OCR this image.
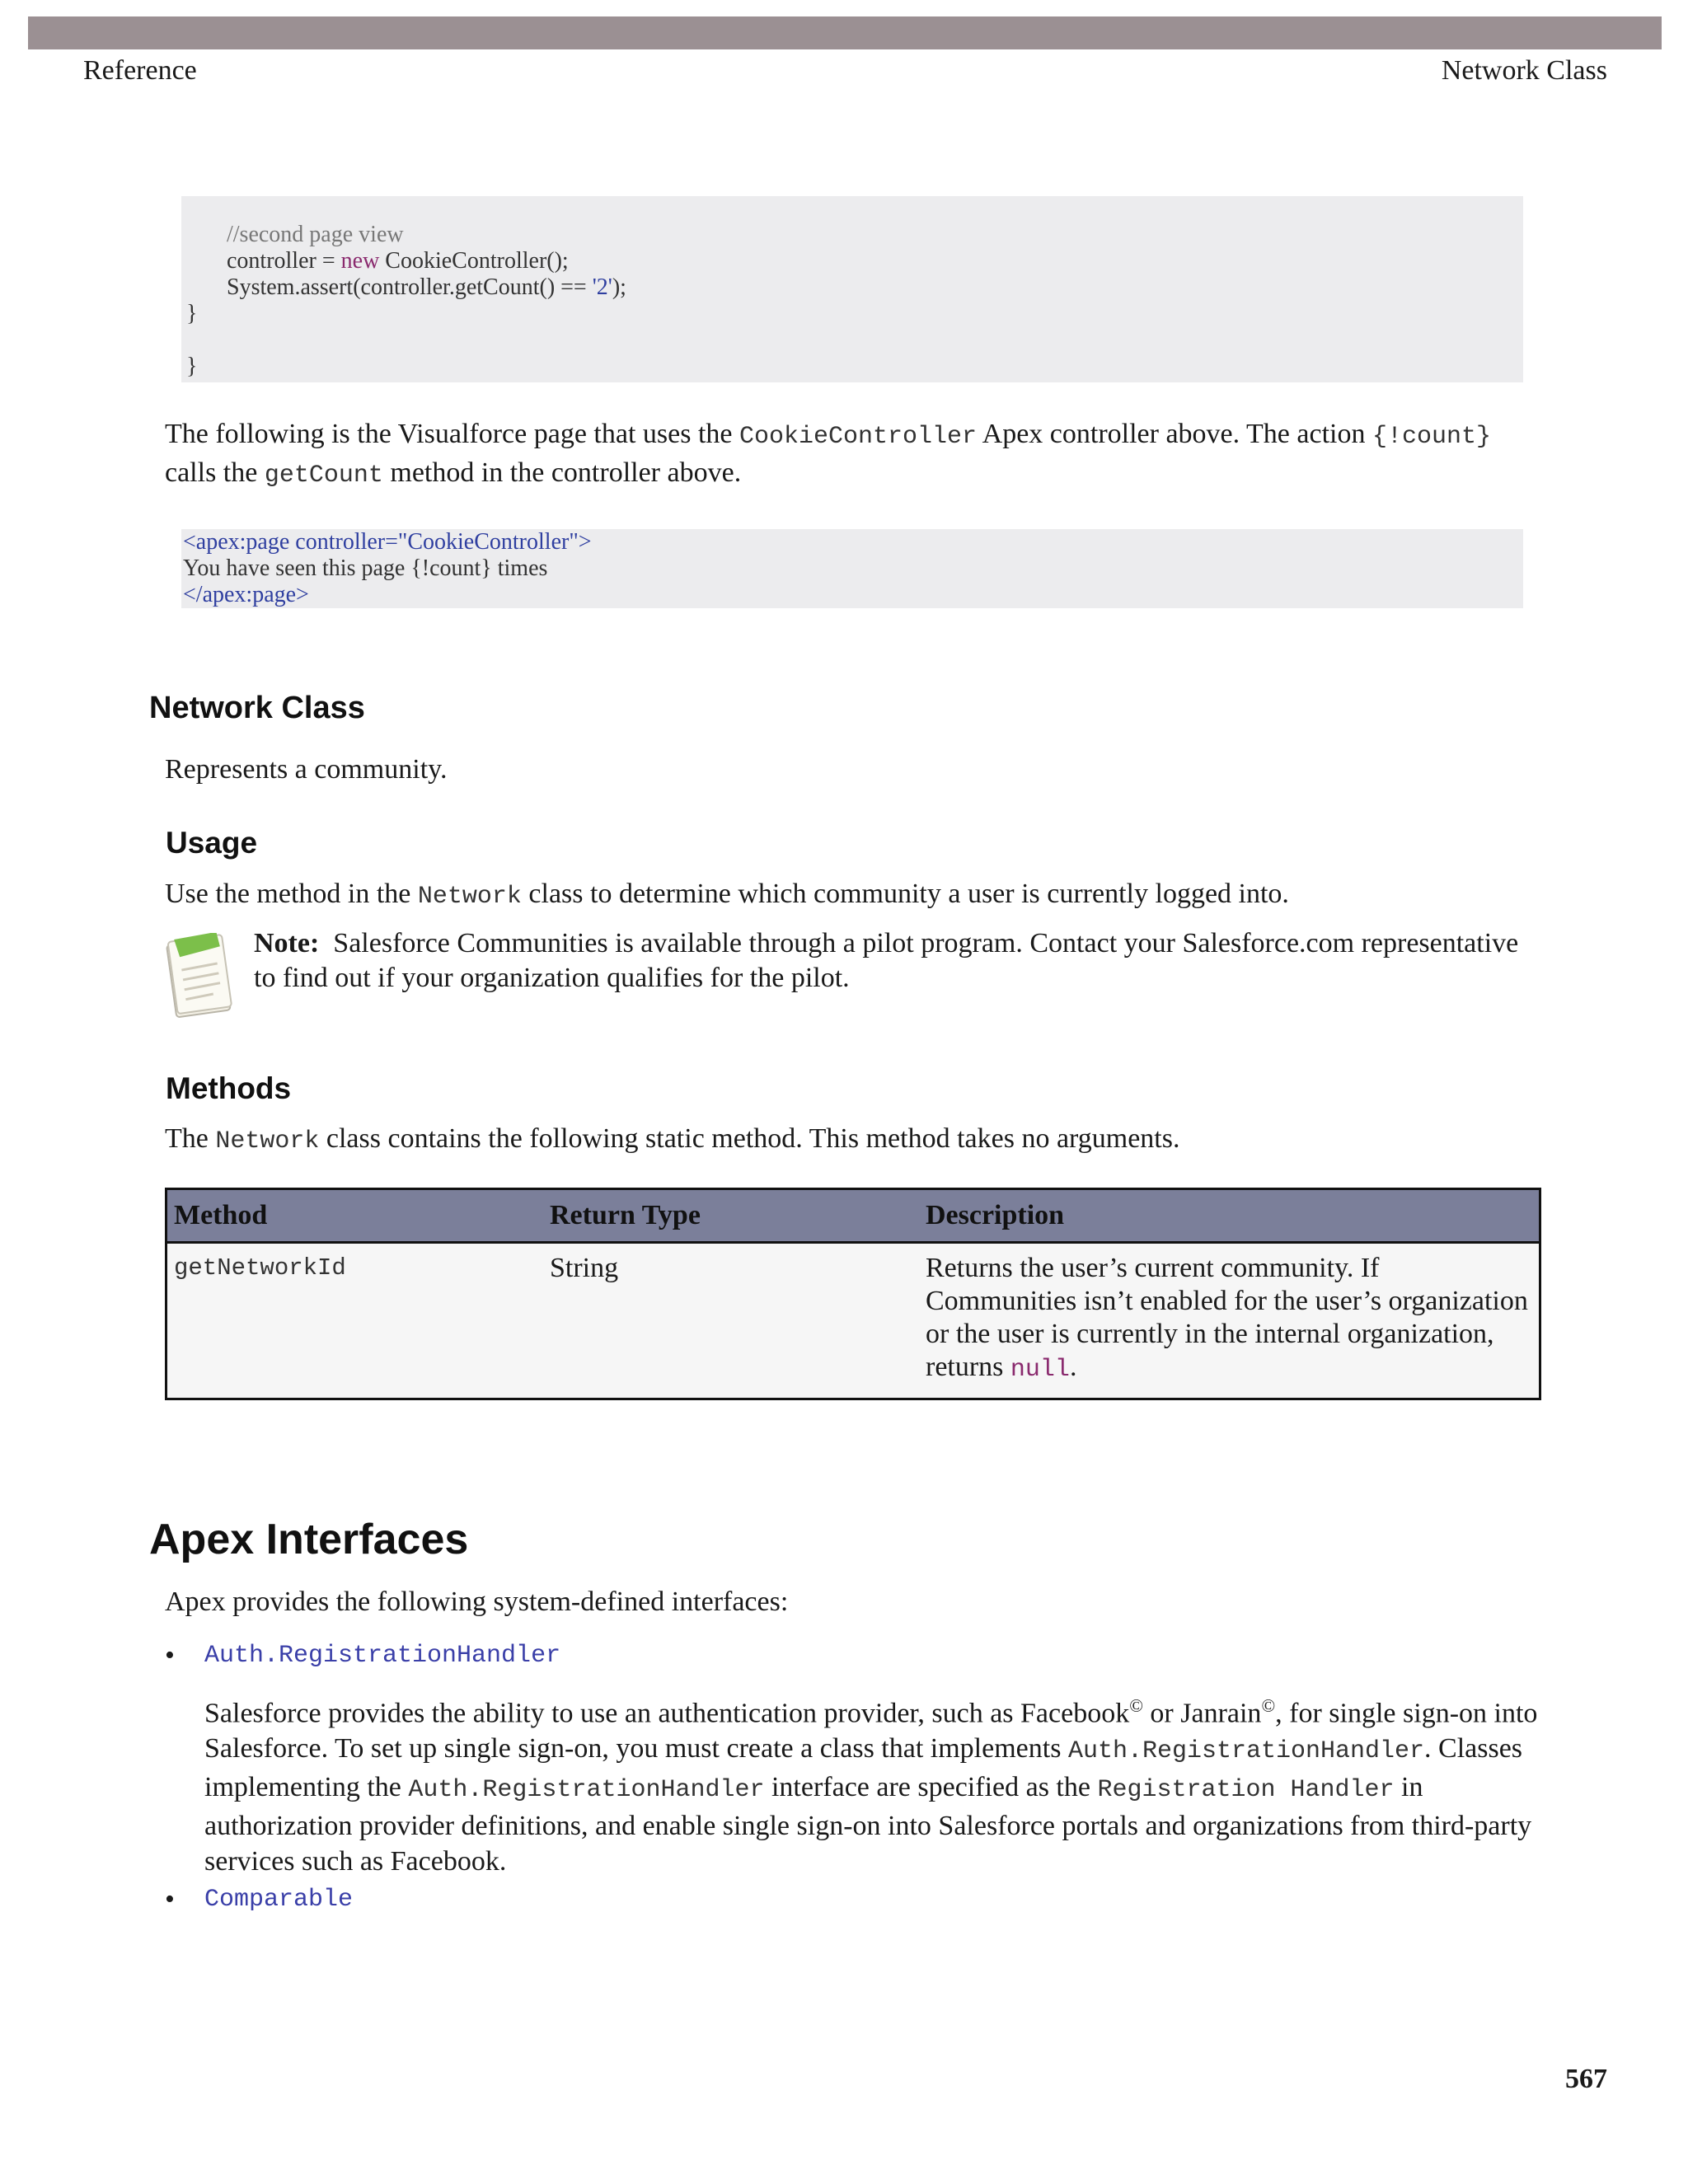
Reference	Network Class
//second page view
controller = new CookieController();
System.assert(controller.getCount() == '2');
}

}
The following is the Visualforce page that uses the CookieController Apex controller above. The action {!count} calls the getCount method in the controller above.
<apex:page controller="CookieController">
You have seen this page {!count} times
</apex:page>
Network Class
Represents a community.
Usage
Use the method in the Network class to determine which community a user is currently logged into.
Note: Salesforce Communities is available through a pilot program. Contact your Salesforce.com representative to find out if your organization qualifies for the pilot.
Methods
The Network class contains the following static method. This method takes no arguments.
Method	Return Type	Description
getNetworkId	String	Returns the user’s current community. If Communities isn’t enabled for the user’s organization or the user is currently in the internal organization, returns null.
Apex Interfaces
Apex provides the following system-defined interfaces:
• Auth.RegistrationHandler
Salesforce provides the ability to use an authentication provider, such as Facebook© or Janrain©, for single sign-on into Salesforce. To set up single sign-on, you must create a class that implements Auth.RegistrationHandler. Classes implementing the Auth.RegistrationHandler interface are specified as the Registration Handler in authorization provider definitions, and enable single sign-on into Salesforce portals and organizations from third-party services such as Facebook.
• Comparable
567
